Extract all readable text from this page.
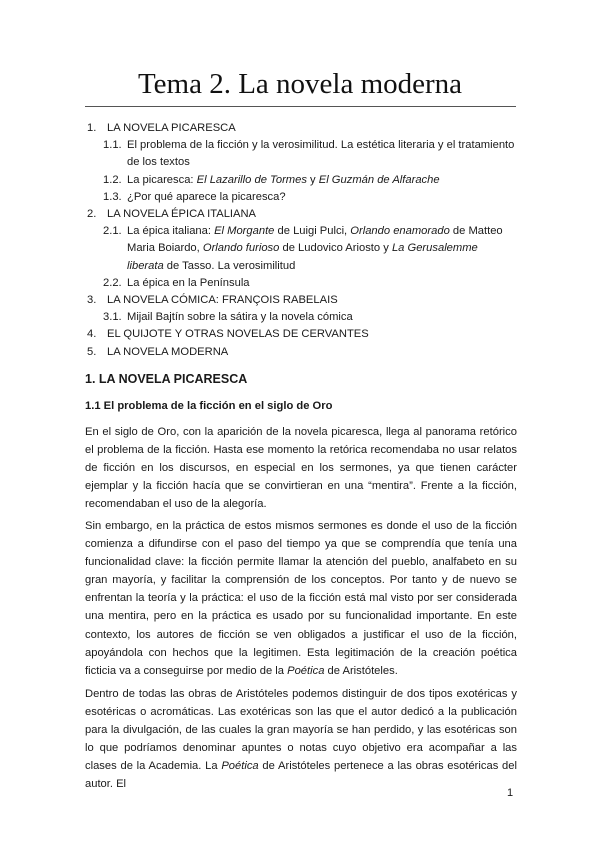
Tema 2. La novela moderna
1. LA NOVELA PICARESCA
1.1. El problema de la ficción y la verosimilitud. La estética literaria y el tratamiento de los textos
1.2. La picaresca: El Lazarillo de Tormes y El Guzmán de Alfarache
1.3. ¿Por qué aparece la picaresca?
2. LA NOVELA ÉPICA ITALIANA
2.1. La épica italiana: El Morgante de Luigi Pulci, Orlando enamorado de Matteo Maria Boiardo, Orlando furioso de Ludovico Ariosto y La Gerusalemme liberata de Tasso. La verosimilitud
2.2. La épica en la Península
3. LA NOVELA CÓMICA: FRANÇOIS RABELAIS
3.1. Mijail Bajtín sobre la sátira y la novela cómica
4. EL QUIJOTE Y OTRAS NOVELAS DE CERVANTES
5. LA NOVELA MODERNA
1. LA NOVELA PICARESCA
1.1 El problema de la ficción en el siglo de Oro

En el siglo de Oro, con la aparición de la novela picaresca, llega al panorama retórico el problema de la ficción. Hasta ese momento la retórica recomendaba no usar relatos de ficción en los discursos, en especial en los sermones, ya que tienen carácter ejemplar y la ficción hacía que se convirtieran en una “mentira”. Frente a la ficción, recomendaban el uso de la alegoría.

Sin embargo, en la práctica de estos mismos sermones es donde el uso de la ficción comienza a difundirse con el paso del tiempo ya que se comprendía que tenía una funcionalidad clave: la ficción permite llamar la atención del pueblo, analfabeto en su gran mayoría, y facilitar la comprensión de los conceptos. Por tanto y de nuevo se enfrentan la teoría y la práctica: el uso de la ficción está mal visto por ser considerada una mentira, pero en la práctica es usado por su funcionalidad importante. En este contexto, los autores de ficción se ven obligados a justificar el uso de la ficción, apoyándola con hechos que la legitimen. Esta legitimación de la creación poética ficticia va a conseguirse por medio de la Poética de Aristóteles.

Dentro de todas las obras de Aristóteles podemos distinguir de dos tipos exotéricas y esotéricas o acromáticas. Las exotéricas son las que el autor dedicó a la publicación para la divulgación, de las cuales la gran mayoría se han perdido, y las esotéricas son lo que podríamos denominar apuntes o notas cuyo objetivo era acompañar a las clases de la Academia. La Poética de Aristóteles pertenece a las obras esotéricas del autor. El

1
